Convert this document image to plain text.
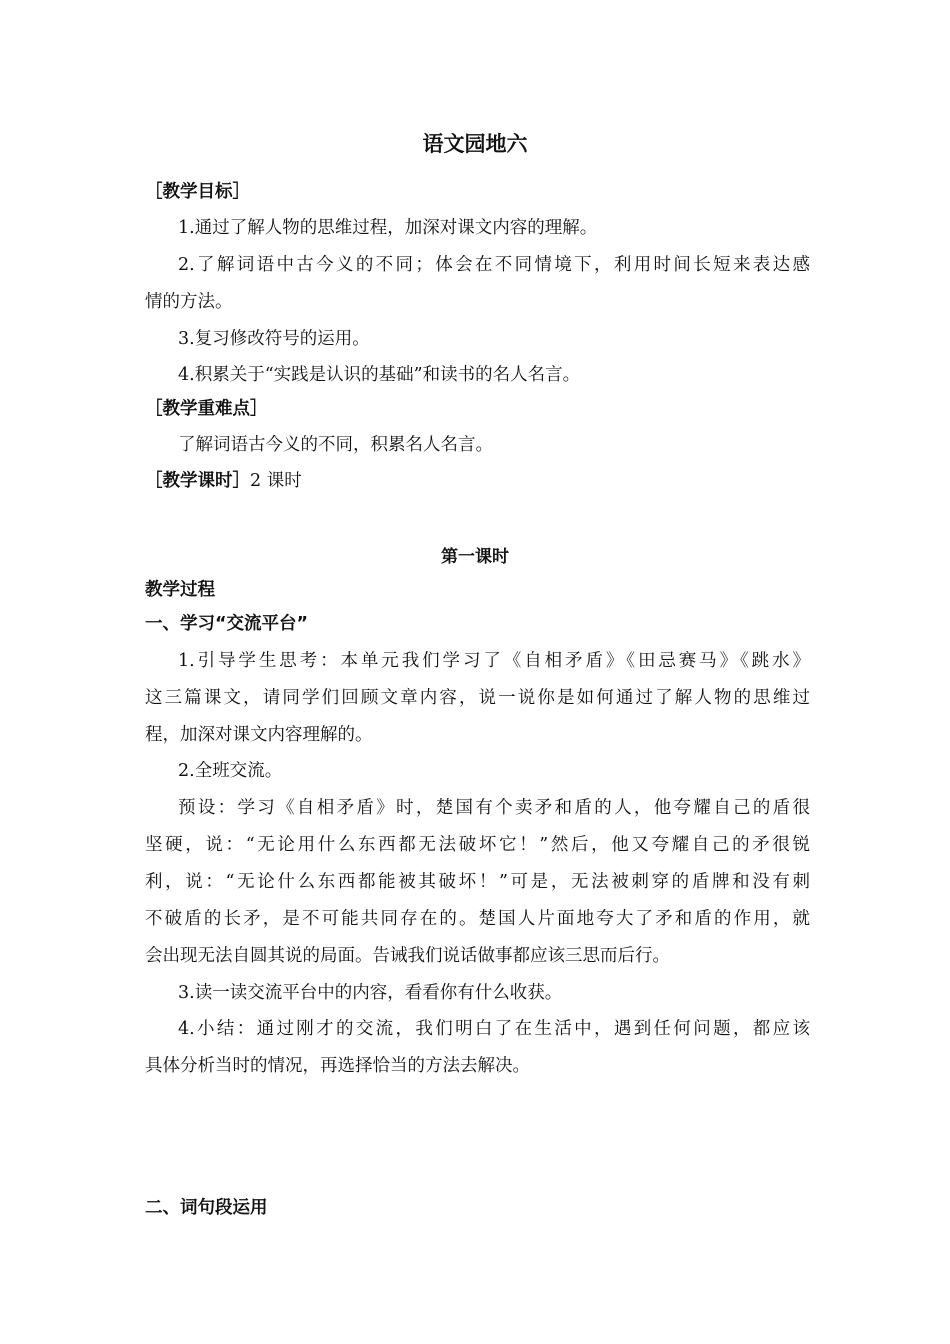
语文园地六
［教学目标］
1.通过了解人物的思维过程，加深对课文内容的理解。
2.了解词语中古今义的不同；体会在不同情境下，利用时间长短来表达感
情的方法。
3.复习修改符号的运用。
4.积累关于“实践是认识的基础”和读书的名人名言。
［教学重难点］
了解词语古今义的不同，积累名人名言。
［教学课时］2 课时
第一课时
教学过程
一、学习“交流平台”
1.引导学生思考：本单元我们学习了《自相矛盾》《田忌赛马》《跳水》
这三篇课文，请同学们回顾文章内容，说一说你是如何通过了解人物的思维过
程，加深对课文内容理解的。
2.全班交流。
预设：学习《自相矛盾》时，楚国有个卖矛和盾的人，他夸耀自己的盾很
坚硬，说：“无论用什么东西都无法破坏它！”然后，他又夸耀自己的矛很锐
利，说：“无论什么东西都能被其破坏！”可是，无法被刺穿的盾牌和没有刺
不破盾的长矛，是不可能共同存在的。楚国人片面地夸大了矛和盾的作用，就
会出现无法自圆其说的局面。告诫我们说话做事都应该三思而后行。
3.读一读交流平台中的内容，看看你有什么收获。
4.小结：通过刚才的交流，我们明白了在生活中，遇到任何问题，都应该
具体分析当时的情况，再选择恰当的方法去解决。
二、词句段运用
